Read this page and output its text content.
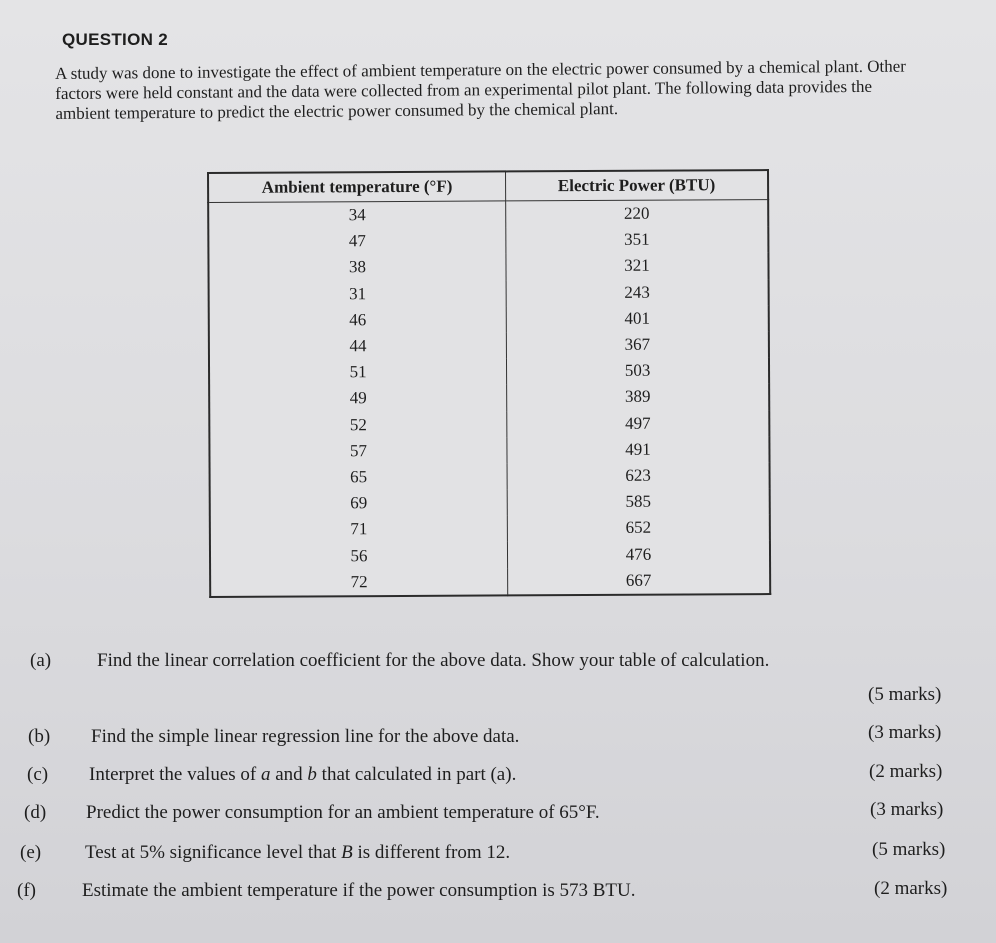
QUESTION 2
A study was done to investigate the effect of ambient temperature on the electric power consumed by a chemical plant. Other factors were held constant and the data were collected from an experimental pilot plant. The following data provides the ambient temperature to predict the electric power consumed by the chemical plant.
Ambient temperature (°F)	Electric Power (BTU)
34	220
47	351
38	321
31	243
46	401
44	367
51	503
49	389
52	497
57	491
65	623
69	585
71	652
56	476
72	667
(a) Find the linear correlation coefficient for the above data. Show your table of calculation.
(5 marks)
(b) Find the simple linear regression line for the above data.	(3 marks)
(c) Interpret the values of a and b that calculated in part (a).	(2 marks)
(d) Predict the power consumption for an ambient temperature of 65°F.	(3 marks)
(e) Test at 5% significance level that B is different from 12.	(5 marks)
(f) Estimate the ambient temperature if the power consumption is 573 BTU.	(2 marks)
